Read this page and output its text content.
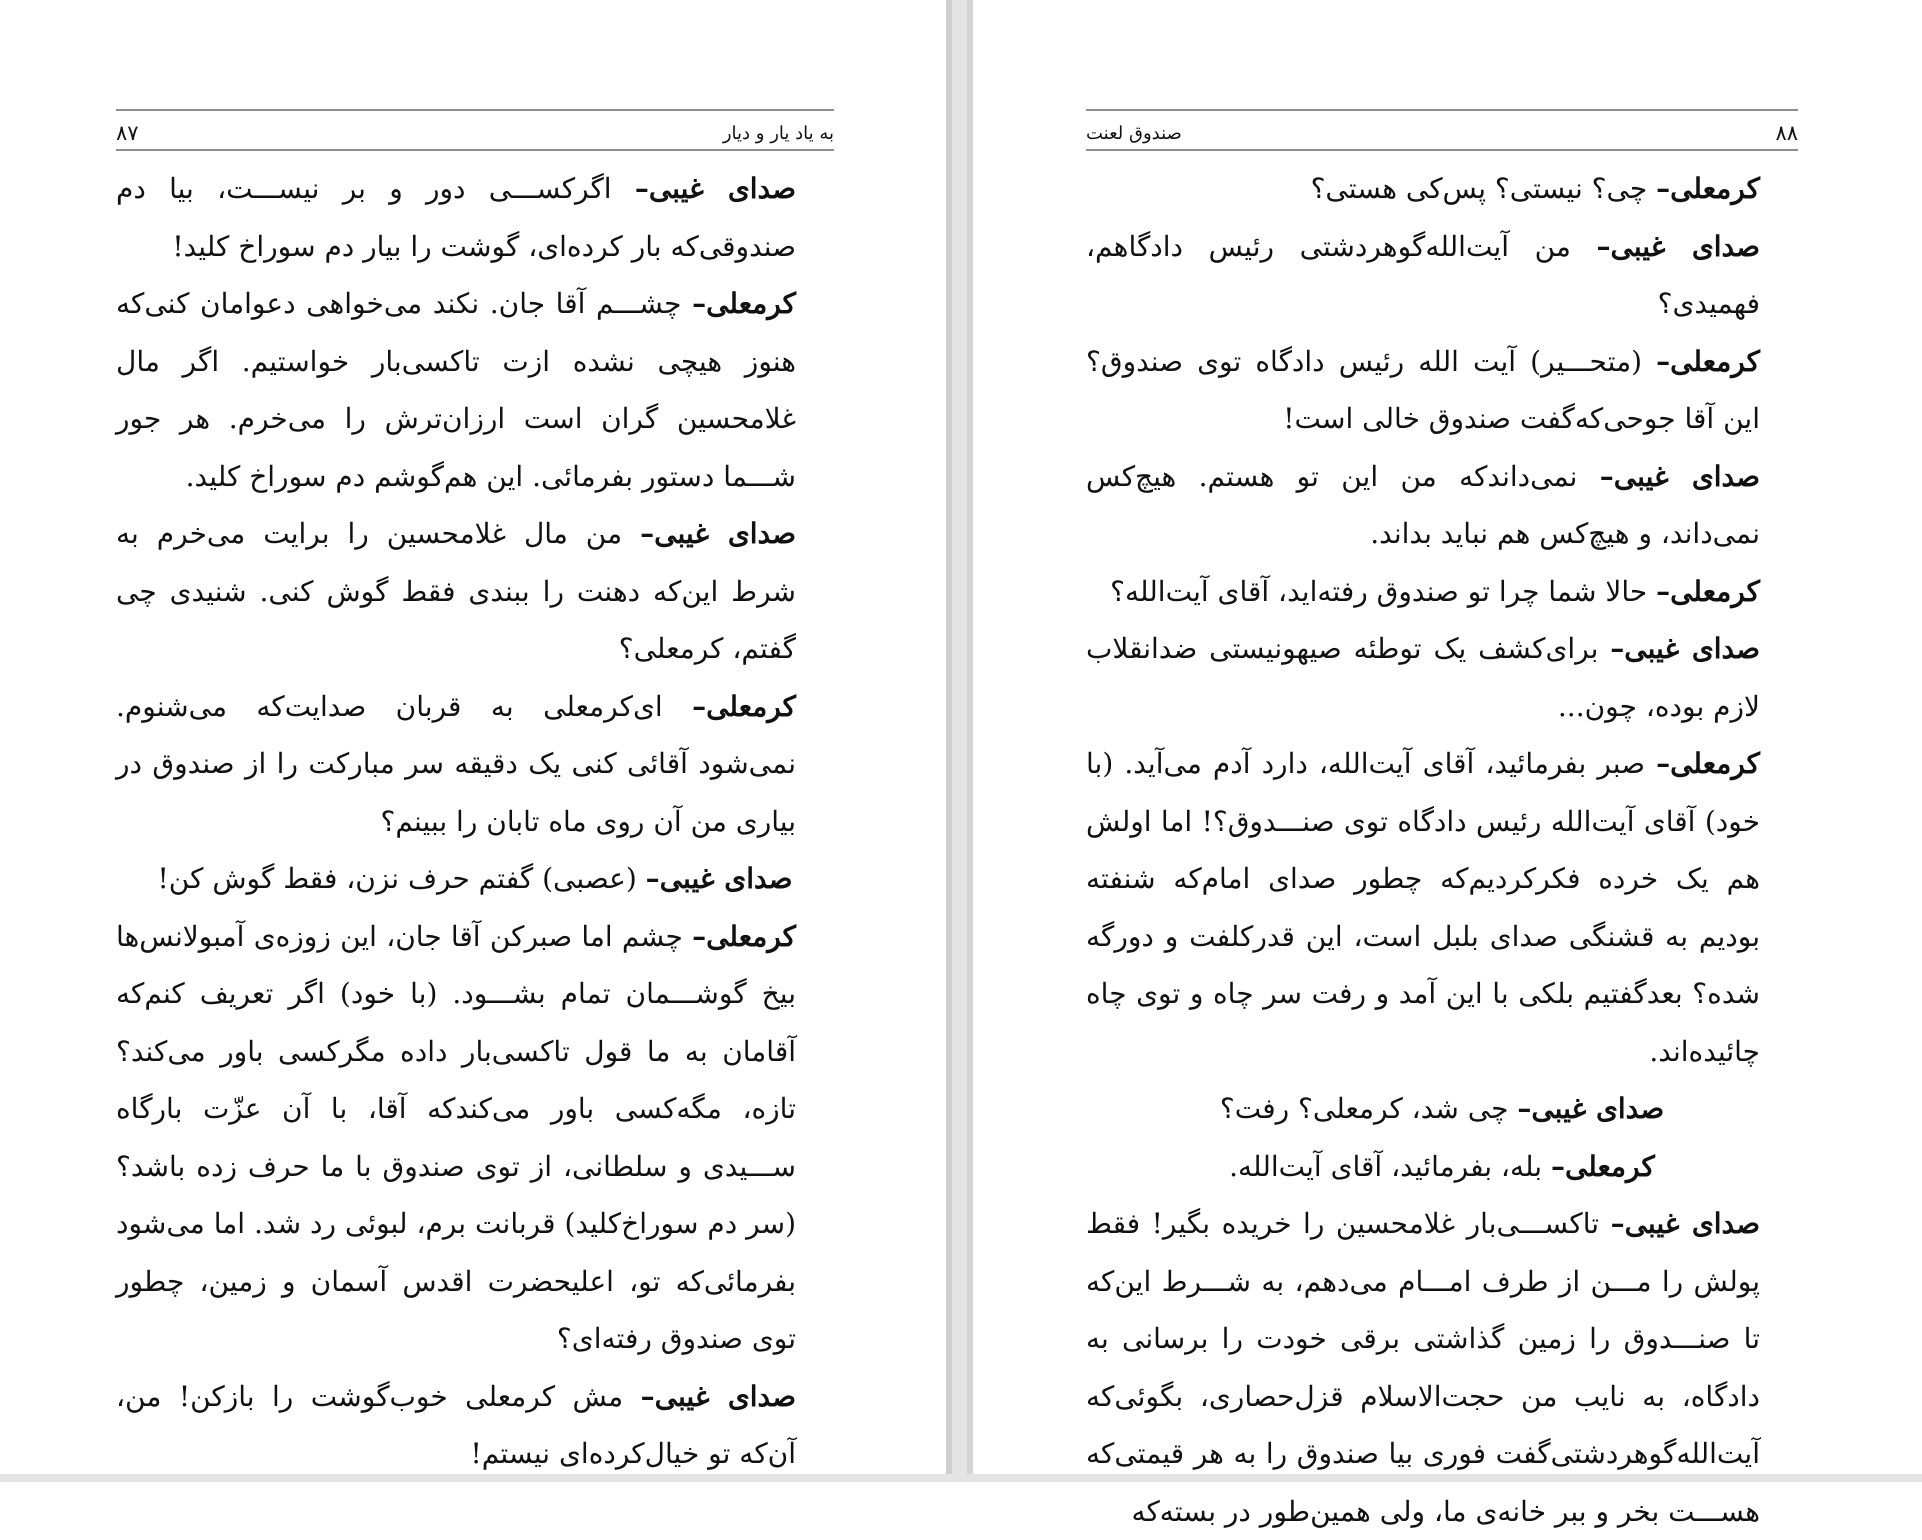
۸۷	به یاد یار و دیار
صدای غیبی– اگرکســـی دور و بر نیســـت، بیا دم صندوقی‌که بار کرده‌ای، گوشت را بیار دم سوراخ کلید!
کرمعلی– چشـــم آقا جان. نکند می‌خواهی دعوامان کنی‌که هنوز هیچی نشده ازت تاکسی‌بار خواستیم. اگر مال غلامحسین گران است ارزان‌ترش را می‌خرم. هر جور شـــما دستور بفرمائی. این هم‌گوشم دم سوراخ کلید.
صدای غیبی– من مال غلامحسین را برایت می‌خرم به شرط این‌که دهنت را ببندی فقط گوش کنی. شنیدی چی گفتم، کرمعلی؟
کرمعلی– ای‌کرمعلی به قربان صدایت‌که می‌شنوم. نمی‌شود آقائی کنی یک دقیقه سر مبارکت را از صندوق در بیاری من آن روی ماه تابان را ببینم؟
صدای غیبی– (عصبی) گفتم حرف نزن، فقط گوش کن!
کرمعلی– چشم اما صبرکن آقا جان، این زوزه‌ی آمبولانس‌ها بیخ گوشـــمان تمام بشـــود. (با خود) اگر تعریف کنم‌که آقامان به ما قول تاکسی‌بار داده مگرکسی باور می‌کند؟ تازه، مگه‌کسی باور می‌کندکه آقا، با آن عزّت بارگاه ســـیدی و سلطانی، از توی صندوق با ما حرف زده باشد؟ (سر دم سوراخ‌کلید) قربانت برم، لبوئی رد شد. اما می‌شود بفرمائی‌که تو، اعلیحضرت اقدس آسمان و زمین، چطور توی صندوق رفته‌ای؟
صدای غیبی– مش کرمعلی خوب‌گوشت را بازکن! من، آن‌که تو خیال‌کرده‌ای نیستم!
صندوق لعنت	۸۸
کرمعلی– چی؟ نیستی؟ پس‌کی هستی؟
صدای غیبی– من آیت‌الله‌گوهردشتی رئیس دادگاهم، فهمیدی؟
کرمعلی– (متحـــیر) آیت الله رئیس دادگاه توی صندوق؟ این آقا جوحی‌که‌گفت صندوق خالی است!
صدای غیبی– نمی‌داندکه من این تو هستم. هیچ‌کس نمی‌داند، و هیچ‌کس هم نباید بداند.
کرمعلی– حالا شما چرا تو صندوق رفته‌اید، آقای آیت‌الله؟
صدای غیبی– برای‌کشف یک توطئه صیهونیستی ضدانقلاب لازم بوده، چون...
کرمعلی– صبر بفرمائید، آقای آیت‌الله، دارد آدم می‌آید. (با خود) آقای آیت‌الله رئیس دادگاه توی صنـــدوق؟! اما اولش هم یک خرده فکرکردیم‌که چطور صدای امام‌که شنفته بودیم به قشنگی صدای بلبل است، این قدرکلفت و دورگه شده؟ بعدگفتیم بلکی با این آمد و رفت سر چاه و توی چاه چائیده‌اند.
صدای غیبی– چی شد، کرمعلی؟ رفت؟
کرمعلی– بله، بفرمائید، آقای آیت‌الله.
صدای غیبی– تاکســـی‌بار غلامحسین را خریده بگیر! فقط پولش را مـــن از طرف امـــام می‌دهم، به شـــرط این‌که تا صنـــدوق را زمین گذاشتی برقی خودت را برسانی به دادگاه، به نایب من حجت‌الاسلام قزل‌حصاری، بگوئی‌که آیت‌الله‌گوهردشتی‌گفت فوری بیا صندوق را به هر قیمتی‌که هســـت بخر و ببر خانه‌ی ما، ولی همین‌طور در بسته‌که
